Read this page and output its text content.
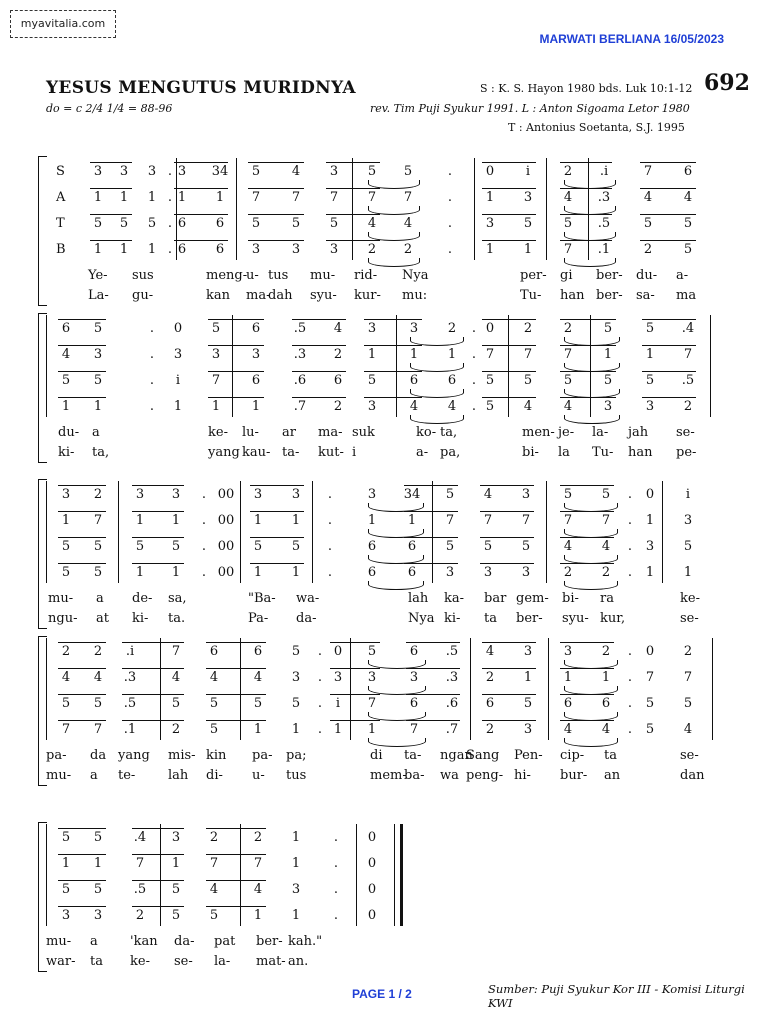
myavitalia.com
MARWATI BERLIANA 16/05/2023
YESUS MENGUTUS MURIDNYA	692
do = c 2/4 1/4 = 88-96
S : K. S. Hayon 1980 bds. Luk 10:1-12
rev. Tim Puji Syukur 1991. L : Anton Sigoama Letor 1980
T : Antonius Soetanta, S.J. 1995
S
A
T
B
3	3	3 . 3	34	5	4	3	5	5	.	0	i	2	.i	7	6
1	1	1 . 1	1	7	7	7	7	7	.	1	3	4	.3	4	4
5	5	5 . 6	6	5	5	5	4	4	.	3	5	5	.5	5	5
1	1	1 . 6	6	3	3	3	2	2	.	1	1	7	.1	2	5
Ye- sus	meng-
u- tus mu- rid- Nya	per- gi ber- du- a-
La- gu-	kan ma-
dah syu- kur- mu:	Tu- han ber- sa- ma
6	5	.	0	5	6	.5	4	3	3	2	. 0	2	2	5	5	.4
4	3	.	3	3	3	.3	2	1	1	1	. 7	7	7	1	1	7
5	5	.	i	7	6	.6	6	5	6	6	. 5	5	5	5	5	.5
1	1	.	1	1	1	.7	2	3	4	4	. 5	4	4	3	3	2
du- a	ke- lu- ar ma- suk	ko- ta,	men- je- la- jah se-
ki- ta,	yang kau- ta- kut- i	a- pa,	bi- la Tu- han pe-
3	2	3	3	. 00	3	3	.	3	34	5	4	3	5	5	.	0	i
1	7	1	1	. 00	1	1	.	1	1	7	7	7	7	7	.	1	3
5	5	5	5	. 00	5	5	.	6	6	5	5	5	4	4	.	3	5
5	5	1	1	. 00	1	1	.	6	6	3	3	3	2	2	.	1	1
mu- a de- sa,	"Ba- wa-	lah ka- bar gem- bi- ra	ke-
ngu- at ki- ta.	Pa- da-	Nya ki- ta ber- syu- kur,	se-
2	2	.i	7	6	6	5	. 0	5	6	.5	4	3	3	2	.	0	2
4	4	.3	4	4	4	3	. 3	3	3	.3	2	1	1	1	.	7	7
5	5	.5	5	5	5	5	.	i	7	6	.6	6	5	6	6	.	5	5
7	7	.1	2	5	1	1	. 1	1	7	.7	2	3	4	4	.	5	4
pa- da yang mis- kin pa- pa;	di ta- ngan
Sang Pen- cip- ta	se-
mu- a te-	lah di- u- tus	mem-
ba- wa peng- hi- bur- an	dan
5	5	.4	3	2	2	1	.	0
1	1	7	1	7	7	1	.	0
5	5	.5	5	4	4	3	.	0
3	3	2	5	5	1	1	.	0
mu- a 'kan da- pat ber- kah."
war- ta ke- se- la- mat- an.
PAGE 1 / 2	Sumber: Puji Syukur Kor III - Komisi Liturgi KWI
